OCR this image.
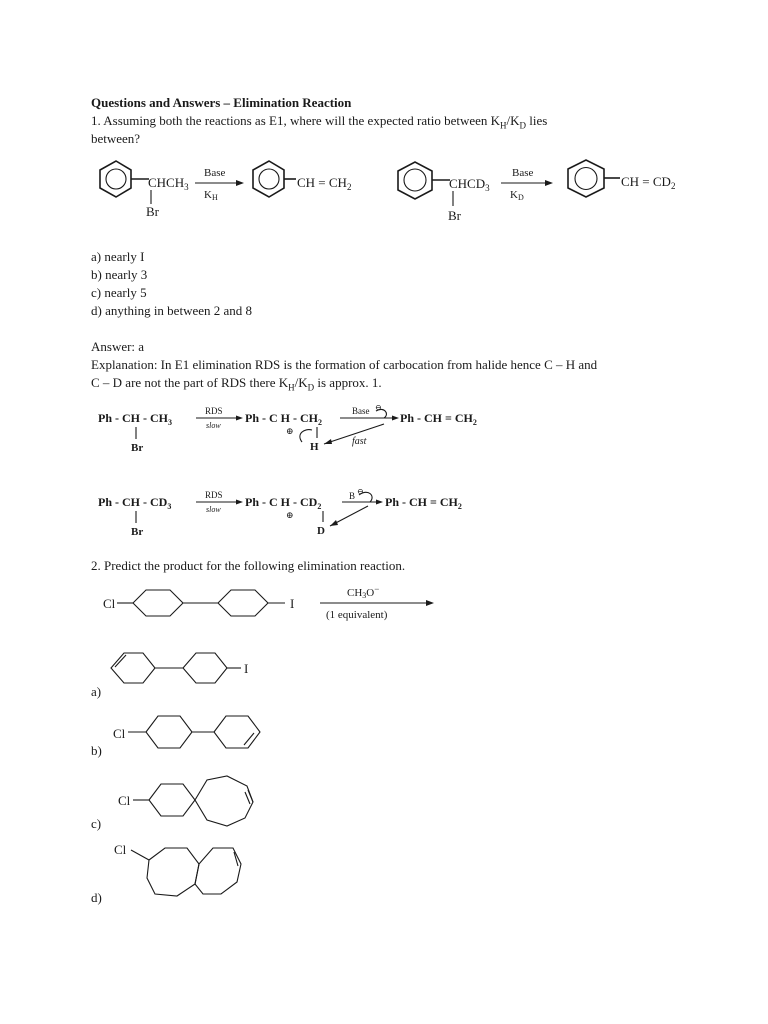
Questions and Answers – Elimination Reaction
1. Assuming both the reactions as E1, where will the expected ratio between $K_H/K_D$ lies
between?
$CHCH_3$
Br
Base
KH
CH = $CH_2$	$CHCD_3$
Br
Base
KD
CH = $CD_2$
a) nearly I
b) nearly 3
c) nearly 5
d) anything in between 2 and 8
Answer: a
Explanation: In E1 elimination RDS is the formation of carbocation from halide hence C – H and
C – D are not the part of RDS there $K_H/K_D$ is approx. 1.
Ph - CH - $CH_3$
Br
RDS
slow
Ph - C H - $CH_2$
⊕
H
Base ⊖
fast
Ph - CH = $CH_2$
Ph - CH - $CD_3$
Br
RDS
slow
Ph - C H - $CD_2$
⊕
D
B ⊖
Ph - CH = $CH_2$
2. Predict the product for the following elimination reaction.
Cl	I
CH3O−
(1 equivalent)
I
a)
Cl
b)
Cl
c)
Cl
d)
